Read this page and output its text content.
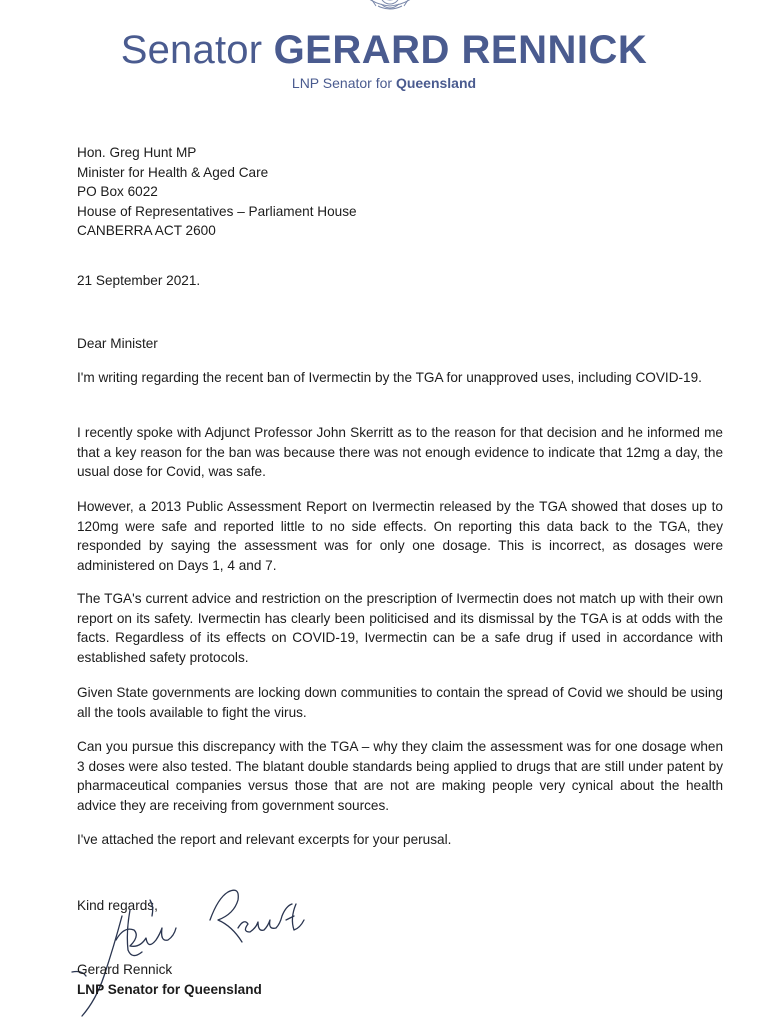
Senator GERARD RENNICK
LNP Senator for Queensland
Hon. Greg Hunt MP
Minister for Health & Aged Care
PO Box 6022
House of Representatives – Parliament House
CANBERRA ACT 2600
21 September 2021.
Dear Minister

I'm writing regarding the recent ban of Ivermectin by the TGA for unapproved uses, including COVID-19.

I recently spoke with Adjunct Professor John Skerritt as to the reason for that decision and he informed me that a key reason for the ban was because there was not enough evidence to indicate that 12mg a day, the usual dose for Covid, was safe.

However, a 2013 Public Assessment Report on Ivermectin released by the TGA showed that doses up to 120mg were safe and reported little to no side effects. On reporting this data back to the TGA, they responded by saying the assessment was for only one dosage. This is incorrect, as dosages were administered on Days 1, 4 and 7.

The TGA's current advice and restriction on the prescription of Ivermectin does not match up with their own report on its safety. Ivermectin has clearly been politicised and its dismissal by the TGA is at odds with the facts. Regardless of its effects on COVID-19, Ivermectin can be a safe drug if used in accordance with established safety protocols.

Given State governments are locking down communities to contain the spread of Covid we should be using all the tools available to fight the virus.

Can you pursue this discrepancy with the TGA – why they claim the assessment was for one dosage when 3 doses were also tested. The blatant double standards being applied to drugs that are still under patent by pharmaceutical companies versus those that are not are making people very cynical about the health advice they are receiving from government sources.

I've attached the report and relevant excerpts for your perusal.

Kind regards,
Gerard Rennick
LNP Senator for Queensland
